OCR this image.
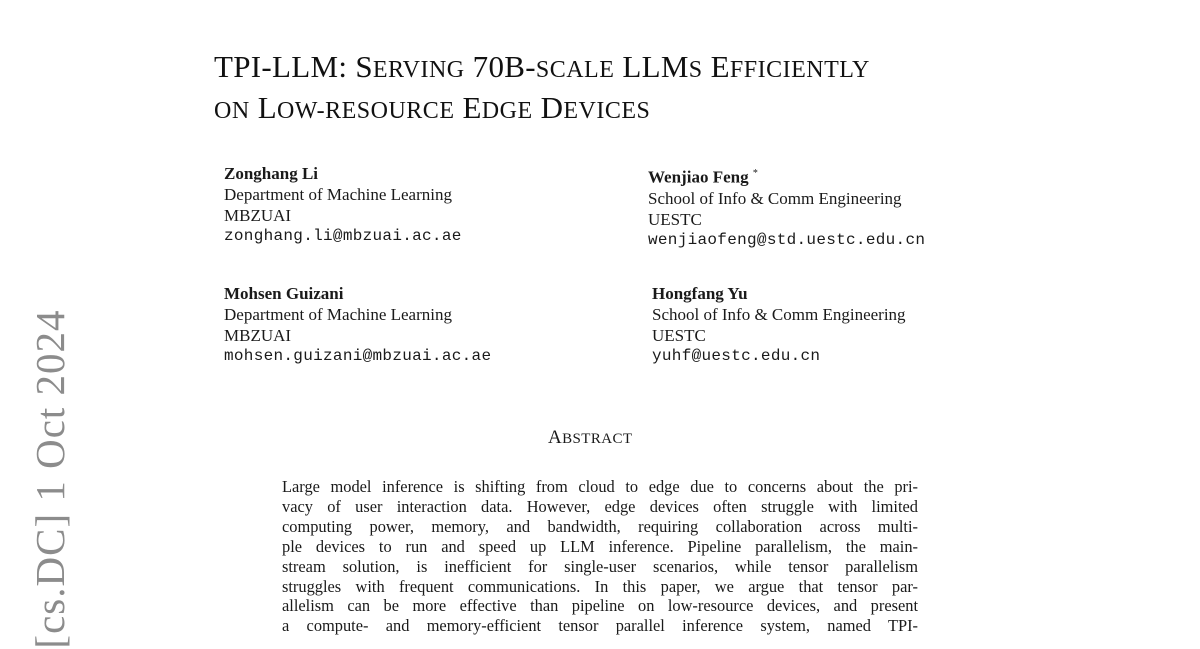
[cs.DC] 1 Oct 2024
TPI-LLM: SERVING 70B-SCALE LLMS EFFICIENTLY
ON LOW-RESOURCE EDGE DEVICES
Zonghang Li
Department of Machine Learning
MBZUAI
zonghang.li@mbzuai.ac.ae
Wenjiao Feng *
School of Info & Comm Engineering
UESTC
wenjiaofeng@std.uestc.edu.cn
Mohsen Guizani
Department of Machine Learning
MBZUAI
mohsen.guizani@mbzuai.ac.ae
Hongfang Yu
School of Info & Comm Engineering
UESTC
yuhf@uestc.edu.cn
ABSTRACT
Large model inference is shifting from cloud to edge due to concerns about the pri-
vacy of user interaction data. However, edge devices often struggle with limited
computing power, memory, and bandwidth, requiring collaboration across multi-
ple devices to run and speed up LLM inference. Pipeline parallelism, the main-
stream solution, is inefficient for single-user scenarios, while tensor parallelism
struggles with frequent communications. In this paper, we argue that tensor par-
allelism can be more effective than pipeline on low-resource devices, and present
a compute- and memory-efficient tensor parallel inference system, named TPI-
